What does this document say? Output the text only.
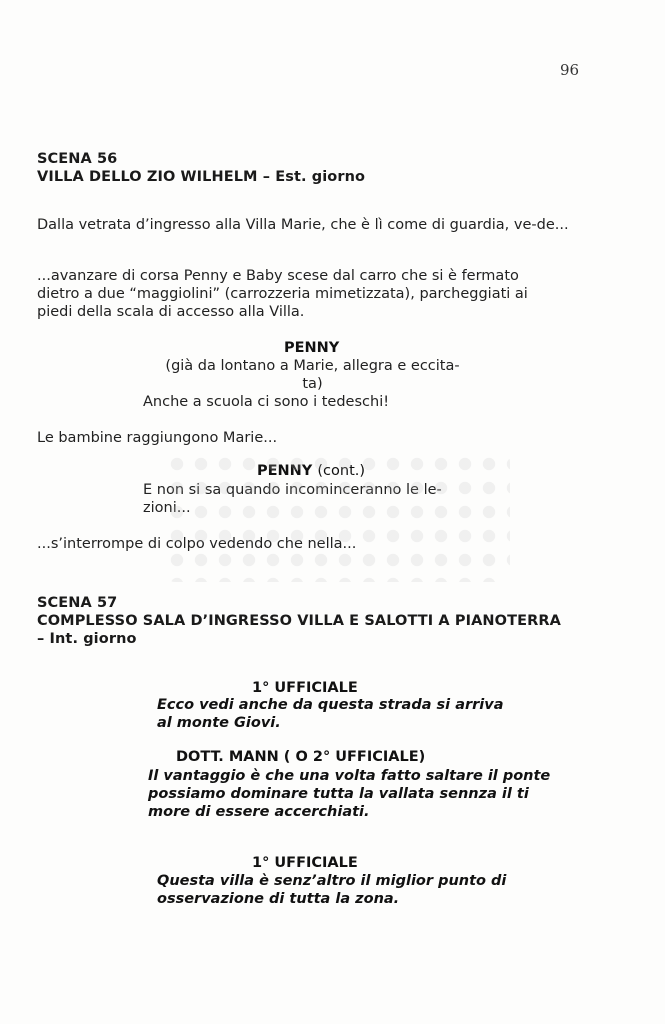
96

SCENA 56

VILLA DELLO ZIO WILHELM – Est. giorno

Dalla vetrata d’ingresso alla Villa Marie, che è lì come di guardia, ve-de...

...avanzare di corsa Penny e Baby scese dal carro che si è fermato

dietro a due “maggiolini” (carrozzeria mimetizzata), parcheggiati ai

piedi della scala di accesso alla Villa.

PENNY

(già da lontano a Marie, allegra e eccita-

ta)

Anche a scuola ci sono i tedeschi!

Le bambine raggiungono Marie...

PENNY (cont.)

E non si sa quando incominceranno le le-

zioni...

...s’interrompe di colpo vedendo che nella...

SCENA 57

COMPLESSO SALA D’INGRESSO VILLA E SALOTTI A PIANOTERRA

– Int. giorno

1° UFFICIALE

Ecco vedi anche da questa strada si arriva

al monte Giovi.

DOTT. MANN ( O 2° UFFICIALE)

Il vantaggio è che una volta fatto saltare il ponte

possiamo dominare tutta la vallata sennza il ti

more di essere accerchiati.

1° UFFICIALE

Questa villa è senz’altro il miglior punto di

osservazione di tutta la zona.
